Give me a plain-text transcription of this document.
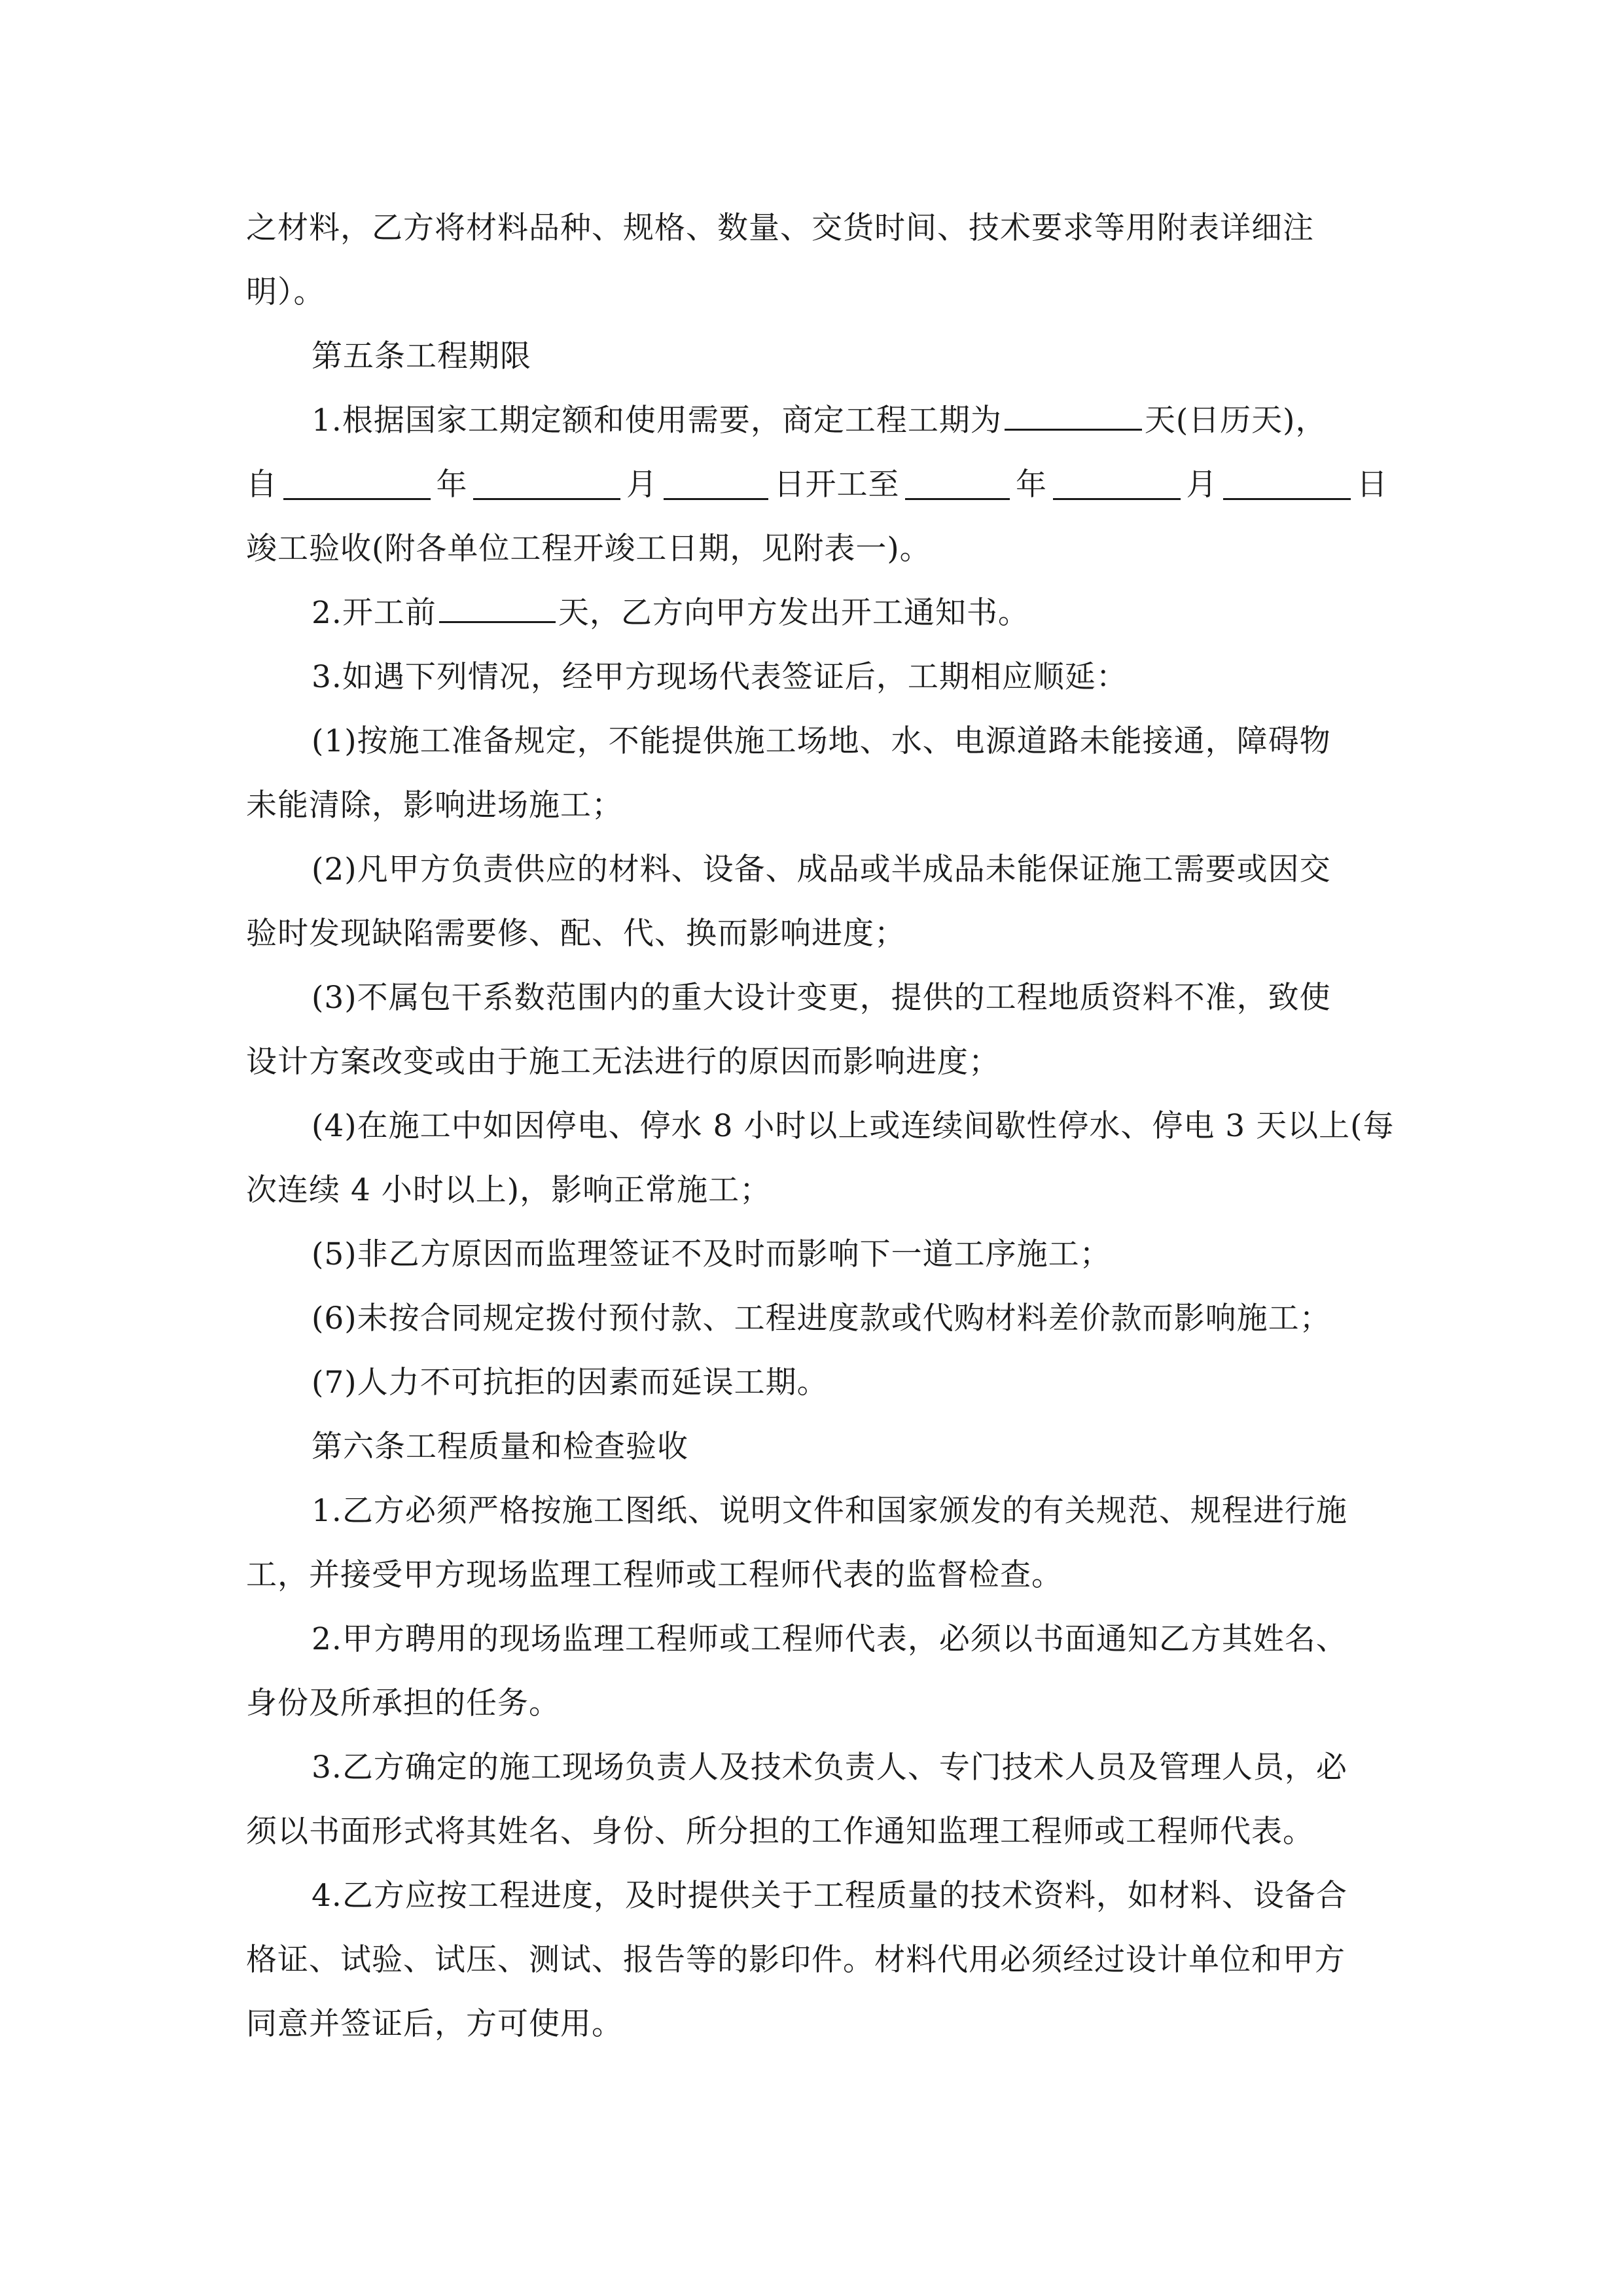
之材料，乙方将材料品种、规格、数量、交货时间、技术要求等用附表详细注
明）。
第五条工程期限
1.根据国家工期定额和使用需要，商定工程工期为	天(日历天)，
自	年	月	日开工至	年	月	日
竣工验收(附各单位工程开竣工日期，见附表一)。
2.开工前	天，乙方向甲方发出开工通知书。
3.如遇下列情况，经甲方现场代表签证后，工期相应顺延：
(1)按施工准备规定，不能提供施工场地、水、电源道路未能接通，障碍物
未能清除，影响进场施工；
(2)凡甲方负责供应的材料、设备、成品或半成品未能保证施工需要或因交
验时发现缺陷需要修、配、代、换而影响进度；
(3)不属包干系数范围内的重大设计变更，提供的工程地质资料不准，致使
设计方案改变或由于施工无法进行的原因而影响进度；
(4)在施工中如因停电、停水 8 小时以上或连续间歇性停水、停电 3 天以上(每
次连续 4 小时以上)，影响正常施工；
(5)非乙方原因而监理签证不及时而影响下一道工序施工；
(6)未按合同规定拨付预付款、工程进度款或代购材料差价款而影响施工；
(7)人力不可抗拒的因素而延误工期。
第六条工程质量和检查验收
1.乙方必须严格按施工图纸、说明文件和国家颁发的有关规范、规程进行施
工，并接受甲方现场监理工程师或工程师代表的监督检查。
2.甲方聘用的现场监理工程师或工程师代表，必须以书面通知乙方其姓名、
身份及所承担的任务。
3.乙方确定的施工现场负责人及技术负责人、专门技术人员及管理人员，必
须以书面形式将其姓名、身份、所分担的工作通知监理工程师或工程师代表。
4.乙方应按工程进度，及时提供关于工程质量的技术资料，如材料、设备合
格证、试验、试压、测试、报告等的影印件。材料代用必须经过设计单位和甲方
同意并签证后，方可使用。
